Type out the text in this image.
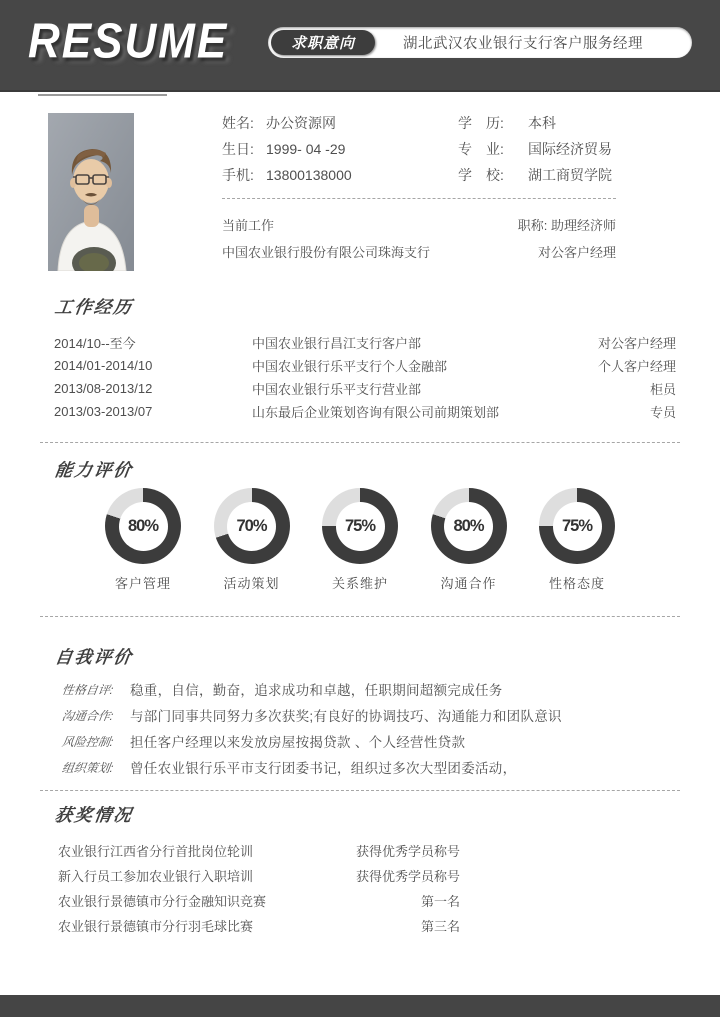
RESUME	求职意向	湖北武汉农业银行支行客户服务经理
姓名: 办公资源网	学　历:	本科
生日: 1999- 04 -29	专　业:	国际经济贸易
手机: 13800138000	学　校:	湖工商贸学院
当前工作	职称: 助理经济师
中国农业银行股份有限公司珠海支行	对公客户经理
工作经历
2014/10--至今	中国农业银行昌江支行客户部	对公客户经理
2014/01-2014/10	中国农业银行乐平支行个人金融部	个人客户经理
2013/08-2013/12	中国农业银行乐平支行营业部	柜员
2013/03-2013/07	山东最后企业策划咨询有限公司前期策划部	专员
能力评价
80%
客户管理
70%
活动策划
75%
关系维护
80%
沟通合作
75%
性格态度
自我评价
性格自评:	稳重，自信，勤奋，追求成功和卓越，任职期间超额完成任务
沟通合作:	与部门同事共同努力多次获奖;有良好的协调技巧、沟通能力和团队意识
风险控制:	担任客户经理以来发放房屋按揭贷款 、个人经营性贷款
组织策划:	曾任农业银行乐平市支行团委书记，组织过多次大型团委活动，
获奖情况
农业银行江西省分行首批岗位轮训	获得优秀学员称号
新入行员工参加农业银行入职培训	获得优秀学员称号
农业银行景德镇市分行金融知识竞赛	第一名
农业银行景德镇市分行羽毛球比赛	第三名
